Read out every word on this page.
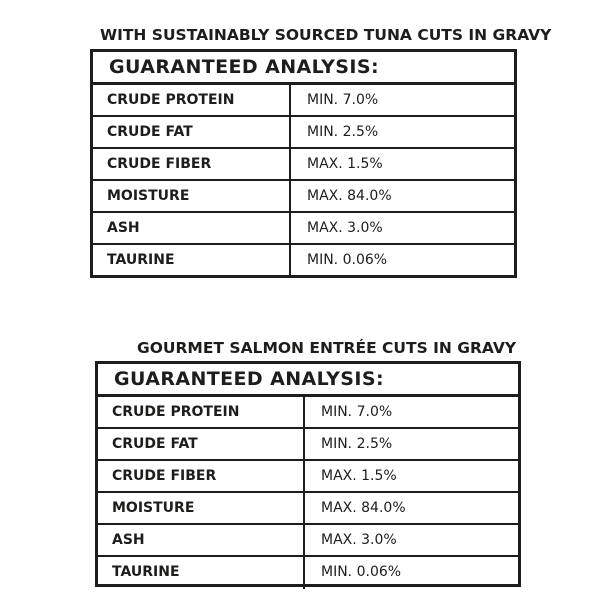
WITH SUSTAINABLY SOURCED TUNA CUTS IN GRAVY
GUARANTEED ANALYSIS:
CRUDE PROTEIN	MIN. 7.0%
CRUDE FAT	MIN. 2.5%
CRUDE FIBER	MAX. 1.5%
MOISTURE	MAX. 84.0%
ASH	MAX. 3.0%
TAURINE	MIN. 0.06%
GOURMET SALMON ENTRÉE CUTS IN GRAVY
GUARANTEED ANALYSIS:
CRUDE PROTEIN	MIN. 7.0%
CRUDE FAT	MIN. 2.5%
CRUDE FIBER	MAX. 1.5%
MOISTURE	MAX. 84.0%
ASH	MAX. 3.0%
TAURINE	MIN. 0.06%
